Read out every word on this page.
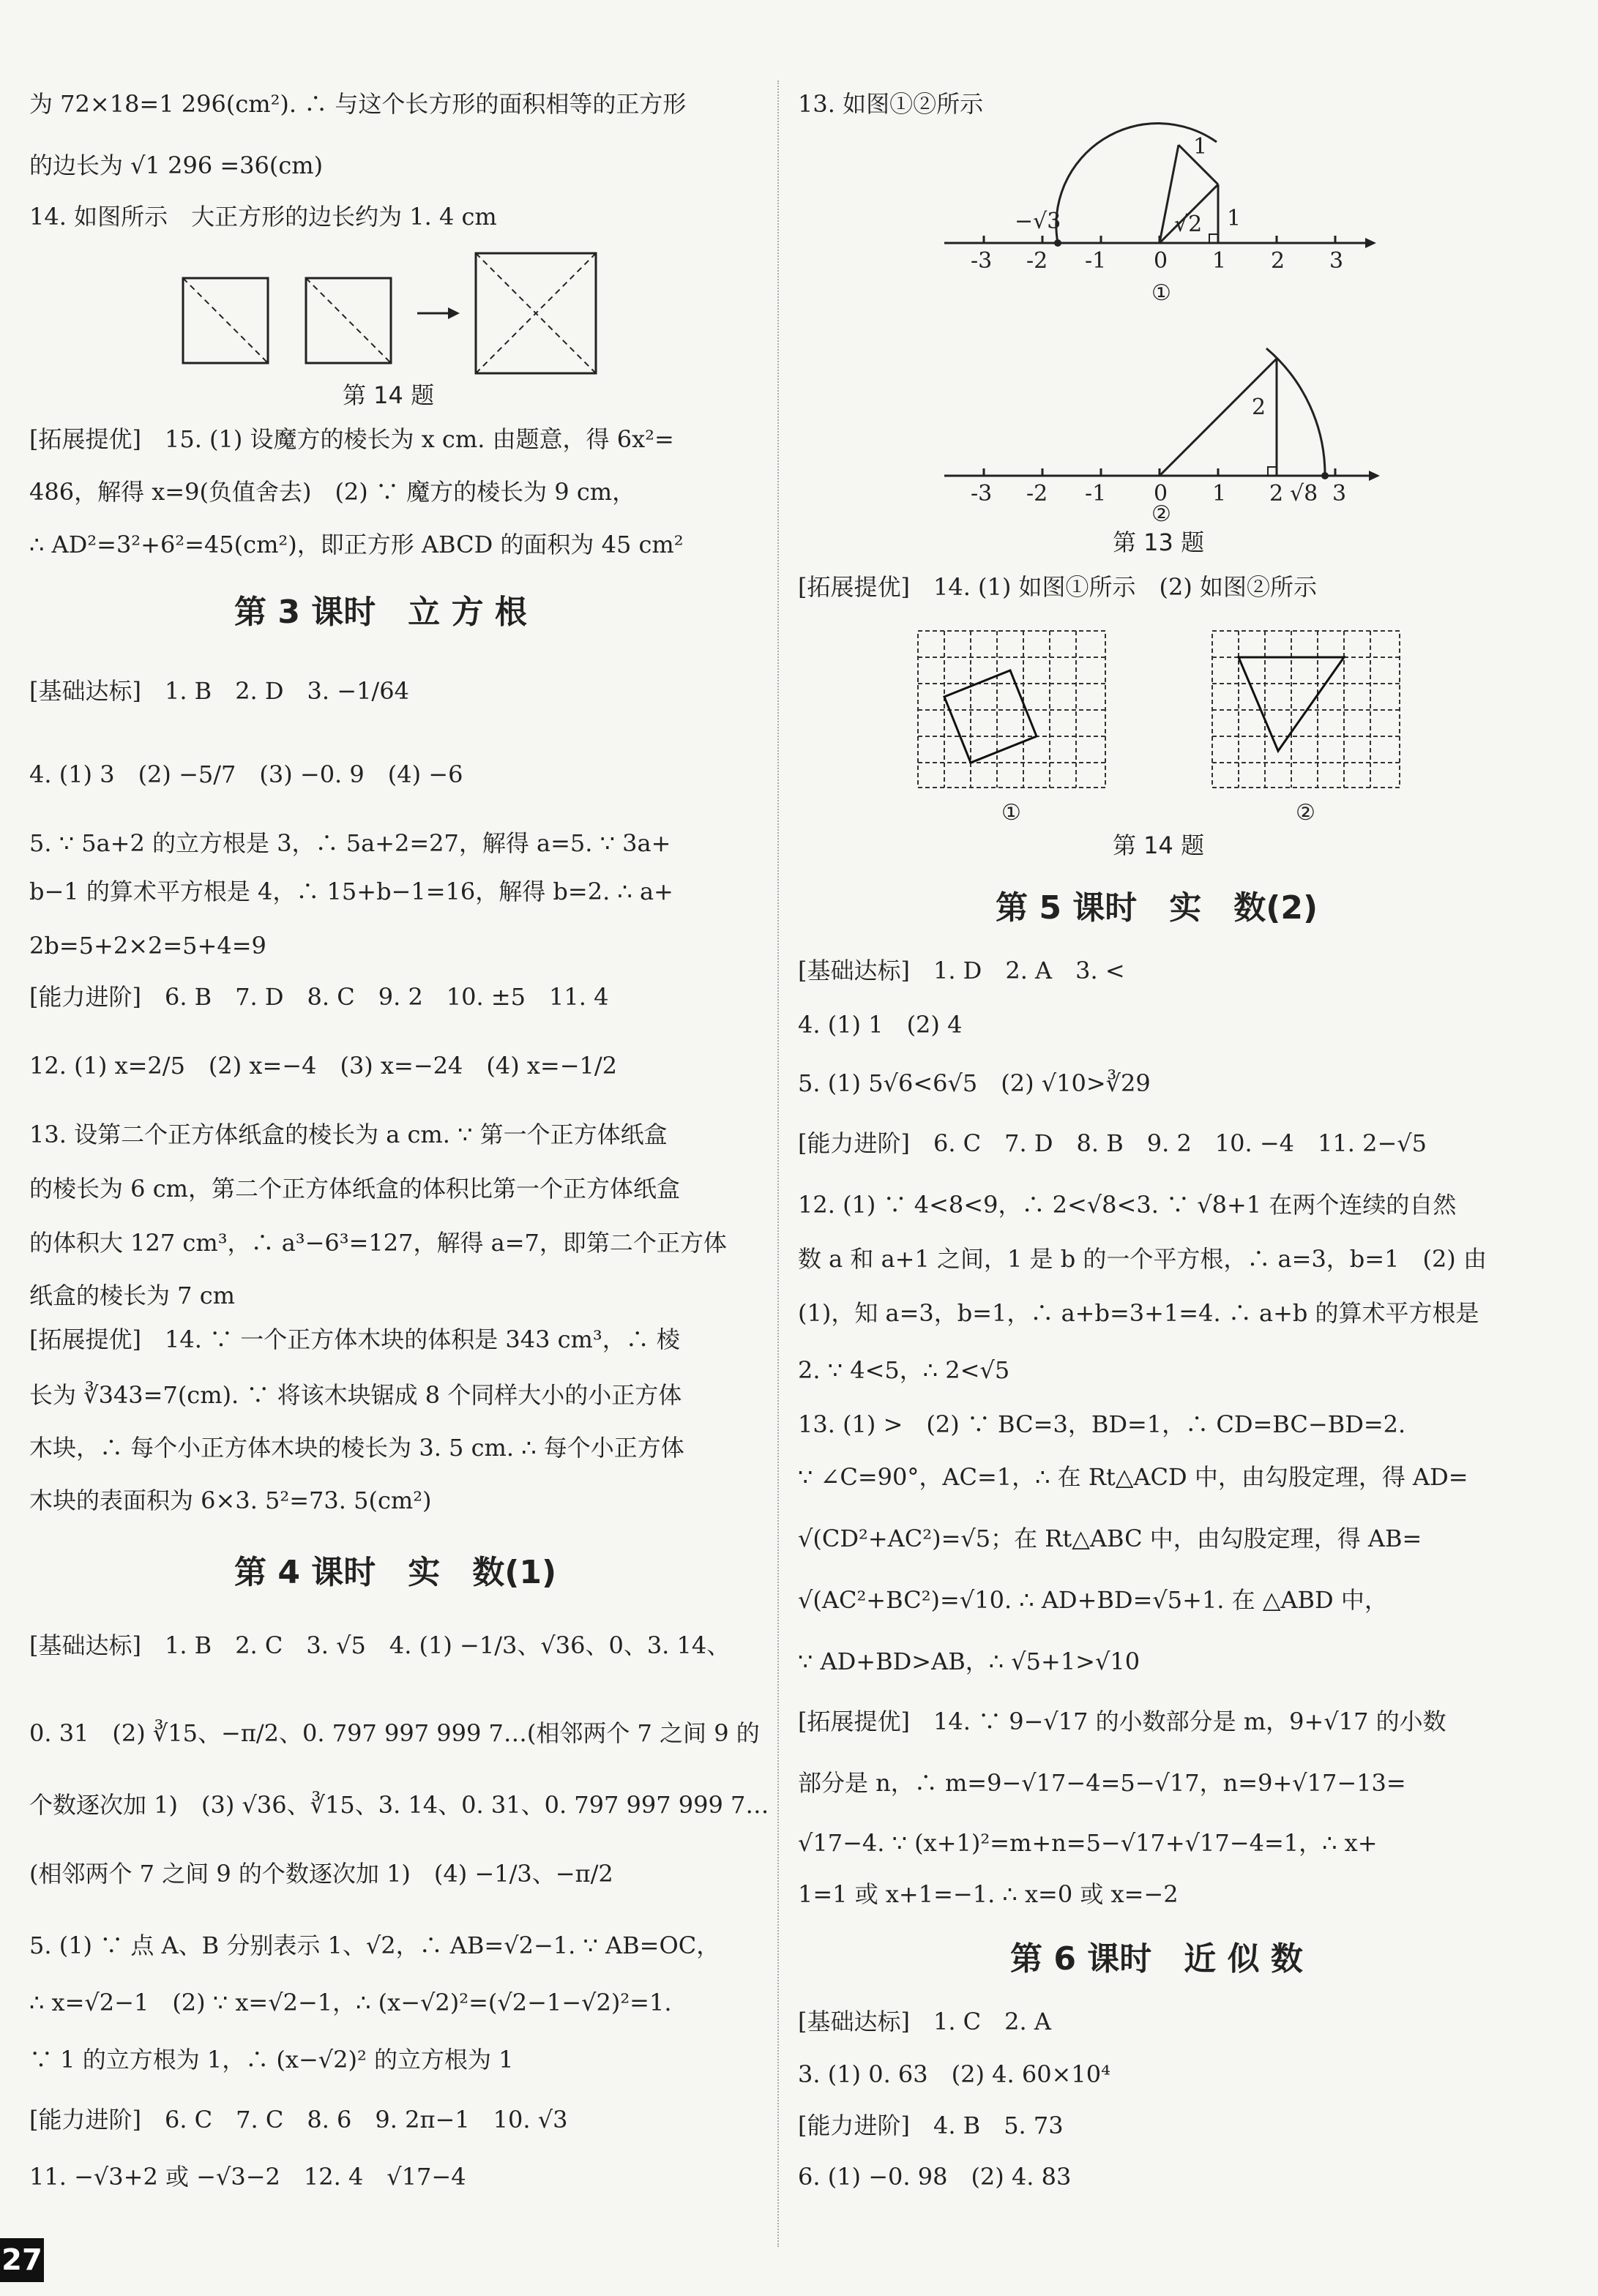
为 72×18=1 296(cm²). ∴ 与这个长方形的面积相等的正方形
的边长为 √1 296 =36(cm)
14. 如图所示　大正方形的边长约为 1. 4 cm
第 14 题
[拓展提优]　15. (1) 设魔方的棱长为 x cm. 由题意，得 6x²=
486，解得 x=9(负值舍去)　(2) ∵ 魔方的棱长为 9 cm，
∴ AD²=3²+6²=45(cm²)，即正方形 ABCD 的面积为 45 cm²
第 3 课时　立 方 根
[基础达标]　1. B　2. D　3. −1/64
4. (1) 3　(2) −5/7　(3) −0. 9　(4) −6
5. ∵ 5a+2 的立方根是 3，∴ 5a+2=27，解得 a=5. ∵ 3a+
b−1 的算术平方根是 4，∴ 15+b−1=16，解得 b=2. ∴ a+
2b=5+2×2=5+4=9
[能力进阶]　6. B　7. D　8. C　9. 2　10. ±5　11. 4
12. (1) x=2/5　(2) x=−4　(3) x=−24　(4) x=−1/2
13. 设第二个正方体纸盒的棱长为 a cm. ∵ 第一个正方体纸盒
的棱长为 6 cm，第二个正方体纸盒的体积比第一个正方体纸盒
的体积大 127 cm³，∴ a³−6³=127，解得 a=7，即第二个正方体
纸盒的棱长为 7 cm
[拓展提优]　14. ∵ 一个正方体木块的体积是 343 cm³，∴ 棱
长为 ∛343=7(cm). ∵ 将该木块锯成 8 个同样大小的小正方体
木块，∴ 每个小正方体木块的棱长为 3. 5 cm. ∴ 每个小正方体
木块的表面积为 6×3. 5²=73. 5(cm²)
第 4 课时　实　数(1)
[基础达标]　1. B　2. C　3. √5　4. (1) −1/3、√36、0、3. 14、
0. 31　(2) ∛15、−π/2、0. 797 997 999 7…(相邻两个 7 之间 9 的
个数逐次加 1)　(3) √36、∛15、3. 14、0. 31、0. 797 997 999 7…
(相邻两个 7 之间 9 的个数逐次加 1)　(4) −1/3、−π/2
5. (1) ∵ 点 A、B 分别表示 1、√2，∴ AB=√2−1. ∵ AB=OC，
∴ x=√2−1　(2) ∵ x=√2−1，∴ (x−√2)²=(√2−1−√2)²=1.
∵ 1 的立方根为 1，∴ (x−√2)² 的立方根为 1
[能力进阶]　6. C　7. C　8. 6　9. 2π−1　10. √3
11. −√3+2 或 −√3−2　12. 4　√17−4
27
13. 如图①②所示
-3 -2 -1 0 1 2 3
−√3	√2 1
1
①
-3 -2 -1 0 1 2 3
2
√8
②
第 13 题
[拓展提优]　14. (1) 如图①所示　(2) 如图②所示
①	②
第 14 题
第 5 课时　实　数(2)
[基础达标]　1. D　2. A　3. <
4. (1) 1　(2) 4
5. (1) 5√6<6√5　(2) √10>∛29
[能力进阶]　6. C　7. D　8. B　9. 2　10. −4　11. 2−√5
12. (1) ∵ 4<8<9，∴ 2<√8<3. ∵ √8+1 在两个连续的自然
数 a 和 a+1 之间，1 是 b 的一个平方根，∴ a=3，b=1　(2) 由
(1)，知 a=3，b=1，∴ a+b=3+1=4. ∴ a+b 的算术平方根是
2. ∵ 4<5，∴ 2<√5
13. (1) >　(2) ∵ BC=3，BD=1，∴ CD=BC−BD=2.
∵ ∠C=90°，AC=1，∴ 在 Rt△ACD 中，由勾股定理，得 AD=
√(CD²+AC²)=√5；在 Rt△ABC 中，由勾股定理，得 AB=
√(AC²+BC²)=√10. ∴ AD+BD=√5+1. 在 △ABD 中，
∵ AD+BD>AB，∴ √5+1>√10
[拓展提优]　14. ∵ 9−√17 的小数部分是 m，9+√17 的小数
部分是 n，∴ m=9−√17−4=5−√17，n=9+√17−13=
√17−4. ∵ (x+1)²=m+n=5−√17+√17−4=1，∴ x+
1=1 或 x+1=−1. ∴ x=0 或 x=−2
第 6 课时　近 似 数
[基础达标]　1. C　2. A
3. (1) 0. 63　(2) 4. 60×10⁴
[能力进阶]　4. B　5. 73
6. (1) −0. 98　(2) 4. 83
